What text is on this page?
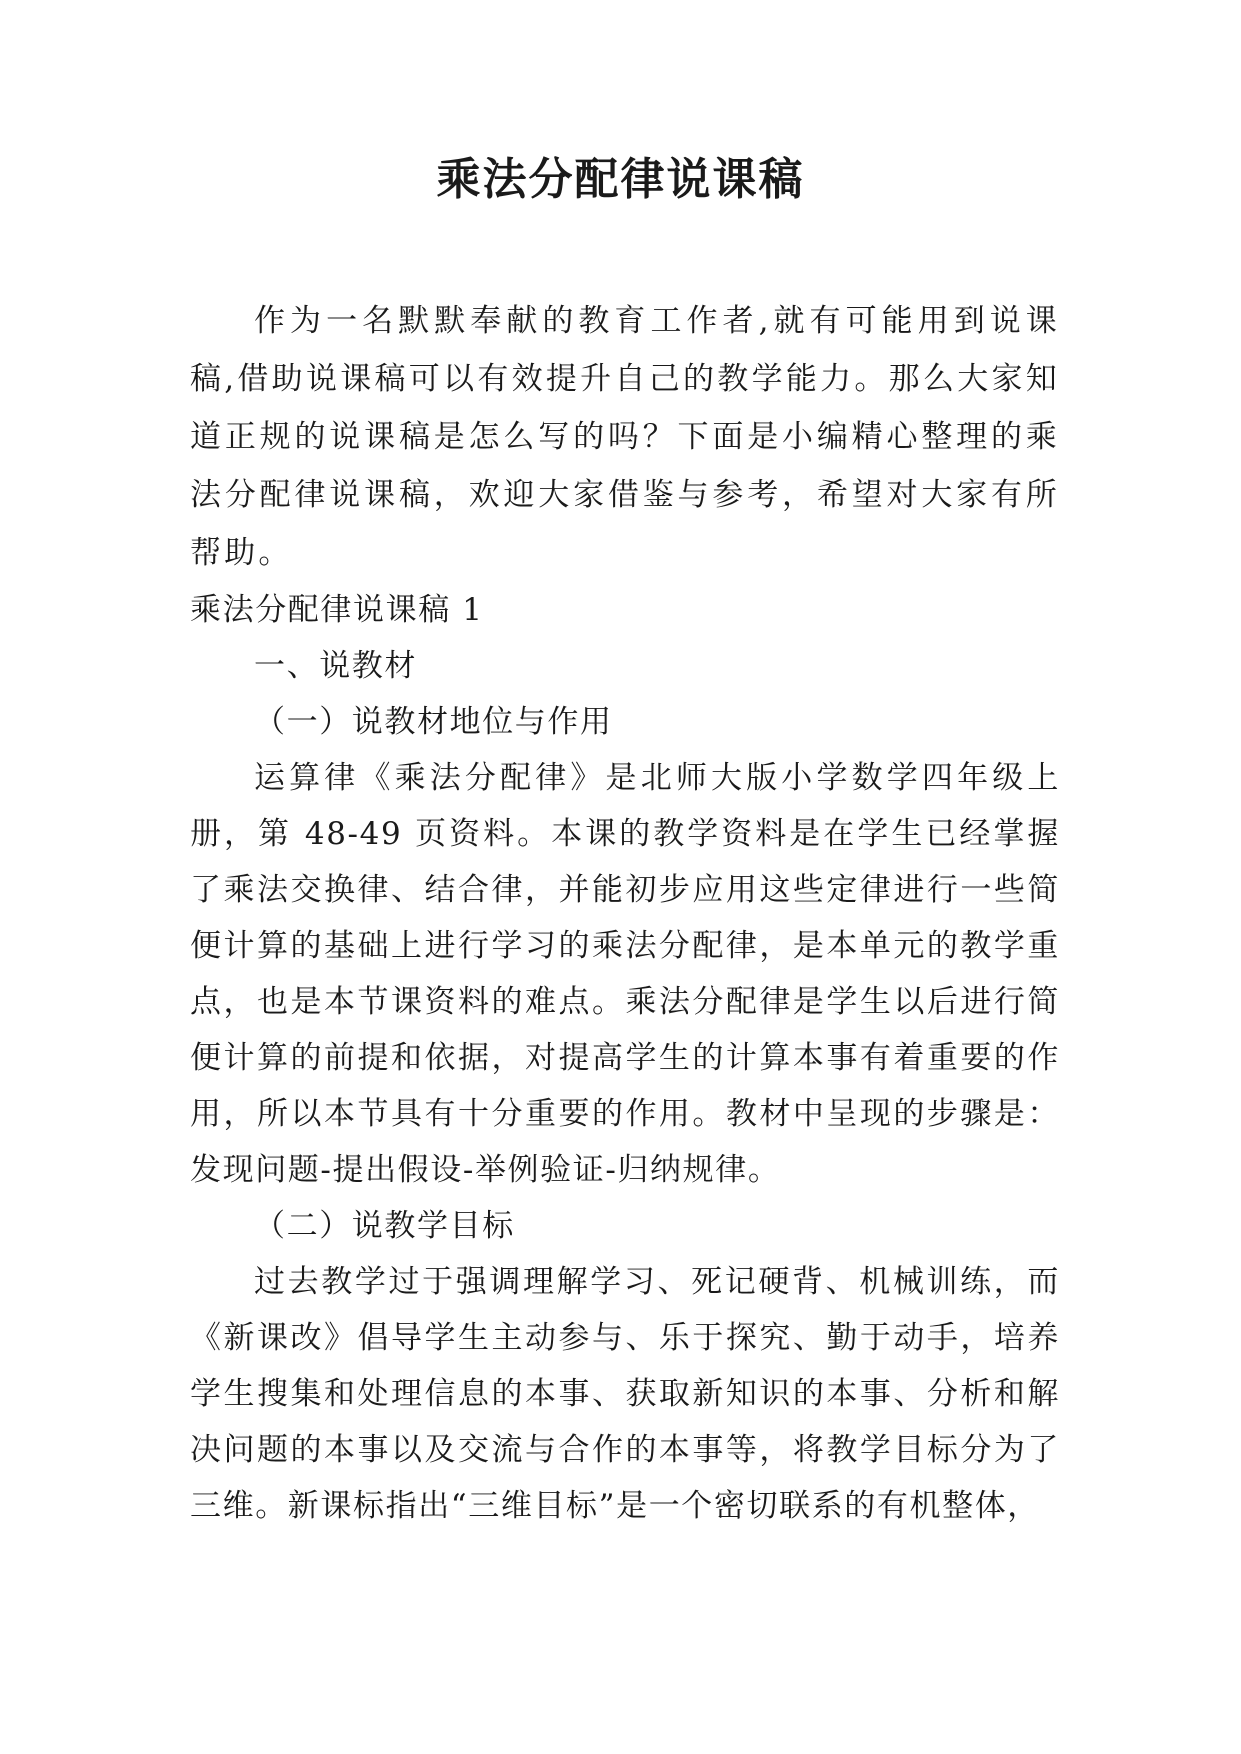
乘法分配律说课稿

作为一名默默奉献的教育工作者,就有可能用到说课稿,借助说课稿可以有效提升自己的教学能力。那么大家知道正规的说课稿是怎么写的吗？下面是小编精心整理的乘法分配律说课稿，欢迎大家借鉴与参考，希望对大家有所帮助。

乘法分配律说课稿 1

一、说教材

（一）说教材地位与作用

运算律《乘法分配律》是北师大版小学数学四年级上册，第 48-49 页资料。本课的教学资料是在学生已经掌握了乘法交换律、结合律，并能初步应用这些定律进行一些简便计算的基础上进行学习的乘法分配律，是本单元的教学重点，也是本节课资料的难点。乘法分配律是学生以后进行简便计算的前提和依据，对提高学生的计算本事有着重要的作用，所以本节具有十分重要的作用。教材中呈现的步骤是：发现问题-提出假设-举例验证-归纳规律。

（二）说教学目标

过去教学过于强调理解学习、死记硬背、机械训练，而《新课改》倡导学生主动参与、乐于探究、勤于动手，培养学生搜集和处理信息的本事、获取新知识的本事、分析和解决问题的本事以及交流与合作的本事等，将教学目标分为了三维。新课标指出“三维目标”是一个密切联系的有机整体，
